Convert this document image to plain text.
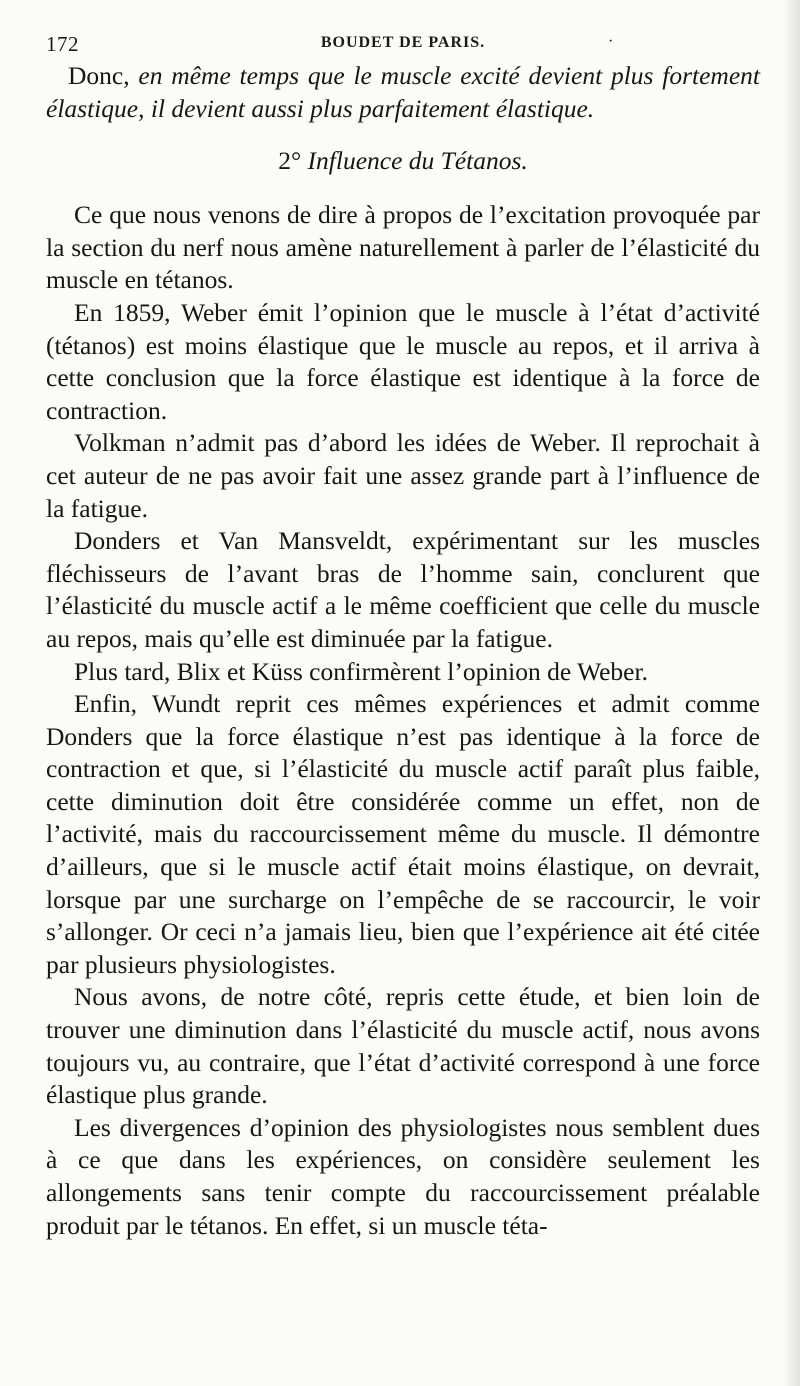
172	BOUDET DE PARIS.	·

Donc, en même temps que le muscle excité devient plus fortement élastique, il devient aussi plus parfaitement élastique.

2° Influence du Tétanos.

Ce que nous venons de dire à propos de l’excitation provoquée par la section du nerf nous amène naturellement à parler de l’élasticité du muscle en tétanos.

En 1859, Weber émit l’opinion que le muscle à l’état d’activité (tétanos) est moins élastique que le muscle au repos, et il arriva à cette conclusion que la force élastique est identique à la force de contraction.

Volkman n’admit pas d’abord les idées de Weber. Il reprochait à cet auteur de ne pas avoir fait une assez grande part à l’influence de la fatigue.

Donders et Van Mansveldt, expérimentant sur les muscles fléchisseurs de l’avant bras de l’homme sain, conclurent que l’élasticité du muscle actif a le même coefficient que celle du muscle au repos, mais qu’elle est diminuée par la fatigue.

Plus tard, Blix et Küss confirmèrent l’opinion de Weber.

Enfin, Wundt reprit ces mêmes expériences et admit comme Donders que la force élastique n’est pas identique à la force de contraction et que, si l’élasticité du muscle actif paraît plus faible, cette diminution doit être considérée comme un effet, non de l’activité, mais du raccourcissement même du muscle. Il démontre d’ailleurs, que si le muscle actif était moins élastique, on devrait, lorsque par une surcharge on l’empêche de se raccourcir, le voir s’allonger. Or ceci n’a jamais lieu, bien que l’expérience ait été citée par plusieurs physiologistes.

Nous avons, de notre côté, repris cette étude, et bien loin de trouver une diminution dans l’élasticité du muscle actif, nous avons toujours vu, au contraire, que l’état d’activité correspond à une force élastique plus grande.

Les divergences d’opinion des physiologistes nous semblent dues à ce que dans les expériences, on considère seulement les allongements sans tenir compte du raccourcissement préalable produit par le tétanos. En effet, si un muscle téta-
